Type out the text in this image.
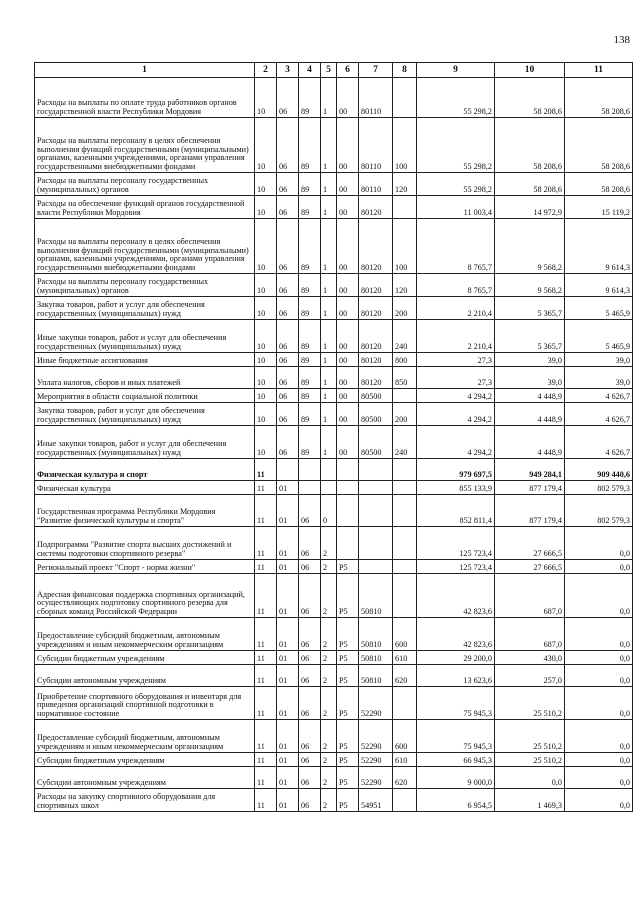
138
1	2	3	4	5	6	7	8	9	10	11
Расходы на выплаты по оплате труда работников органов государственной власти Республики Мордовия	10	06	89	1	00	80110		55 298,2	58 208,6	58 208,6
Расходы на выплаты персоналу в целях обеспечения выполнения функций государственными (муниципальными) органами, казенными учреждениями, органами управления государственными внебюджетными фондами	10	06	89	1	00	80110	100	55 298,2	58 208,6	58 208,6
Расходы на выплаты персоналу государственных (муниципальных) органов	10	06	89	1	00	80110	120	55 298,2	58 208,6	58 208,6
Расходы на обеспечение функций органов государственной власти Республики Мордовия	10	06	89	1	00	80120		11 003,4	14 972,9	15 119,2
Расходы на выплаты персоналу в целях обеспечения выполнения функций государственными (муниципальными) органами, казенными учреждениями, органами управления государственными внебюджетными фондами	10	06	89	1	00	80120	100	8 765,7	9 568,2	9 614,3
Расходы на выплаты персоналу государственных (муниципальных) органов	10	06	89	1	00	80120	120	8 765,7	9 568,2	9 614,3
Закупка товаров, работ и услуг для обеспечения государственных (муниципальных) нужд	10	06	89	1	00	80120	200	2 210,4	5 365,7	5 465,9
Иные закупки товаров, работ и услуг для обеспечения государственных (муниципальных) нужд	10	06	89	1	00	80120	240	2 210,4	5 365,7	5 465,9
Иные бюджетные ассигнования	10	06	89	1	00	80120	800	27,3	39,0	39,0
Уплата налогов, сборов и иных платежей	10	06	89	1	00	80120	850	27,3	39,0	39,0
Мероприятия в области социальной политики	10	06	89	1	00	80500		4 294,2	4 448,9	4 626,7
Закупка товаров, работ и услуг для обеспечения государственных (муниципальных) нужд	10	06	89	1	00	80500	200	4 294,2	4 448,9	4 626,7
Иные закупки товаров, работ и услуг для обеспечения государственных (муниципальных) нужд	10	06	89	1	00	80500	240	4 294,2	4 448,9	4 626,7
Физическая культура и спорт	11							979 697,5	949 284,1	909 440,6
Физическая культура	11	01						855 133,9	877 179,4	802 579,3
Государственная программа Республики Мордовия "Развитие физической культуры и спорта"	11	01	06	0				852 811,4	877 179,4	802 579,3
Подпрограмма "Развитие спорта высших достижений и системы подготовки спортивного резерва"	11	01	06	2				125 723,4	27 666,5	0,0
Региональный проект "Спорт - норма жизни"	11	01	06	2	P5			125 723,4	27 666,5	0,0
Адресная финансовая поддержка спортивных организаций, осуществляющих подготовку спортивного резерва для сборных команд Российской Федерации	11	01	06	2	P5	50810		42 823,6	687,0	0,0
Предоставление субсидий бюджетным, автономным учреждениям и иным некоммерческим организациям	11	01	06	2	P5	50810	600	42 823,6	687,0	0,0
Субсидии бюджетным учреждениям	11	01	06	2	P5	50810	610	29 200,0	430,0	0,0
Субсидии автономным учреждениям	11	01	06	2	P5	50810	620	13 623,6	257,0	0,0
Приобретение спортивного оборудования и инвентаря для приведения организаций спортивной подготовки в нормативное состояние	11	01	06	2	P5	52290		75 945,3	25 510,2	0,0
Предоставление субсидий бюджетным, автономным учреждениям и иным некоммерческим организациям	11	01	06	2	P5	52290	600	75 945,3	25 510,2	0,0
Субсидии бюджетным учреждениям	11	01	06	2	P5	52290	610	66 945,3	25 510,2	0,0
Субсидии автономным учреждениям	11	01	06	2	P5	52290	620	9 000,0	0,0	0,0
Расходы на закупку спортивного оборудования для спортивных школ	11	01	06	2	P5	54951		6 954,5	1 469,3	0,0
